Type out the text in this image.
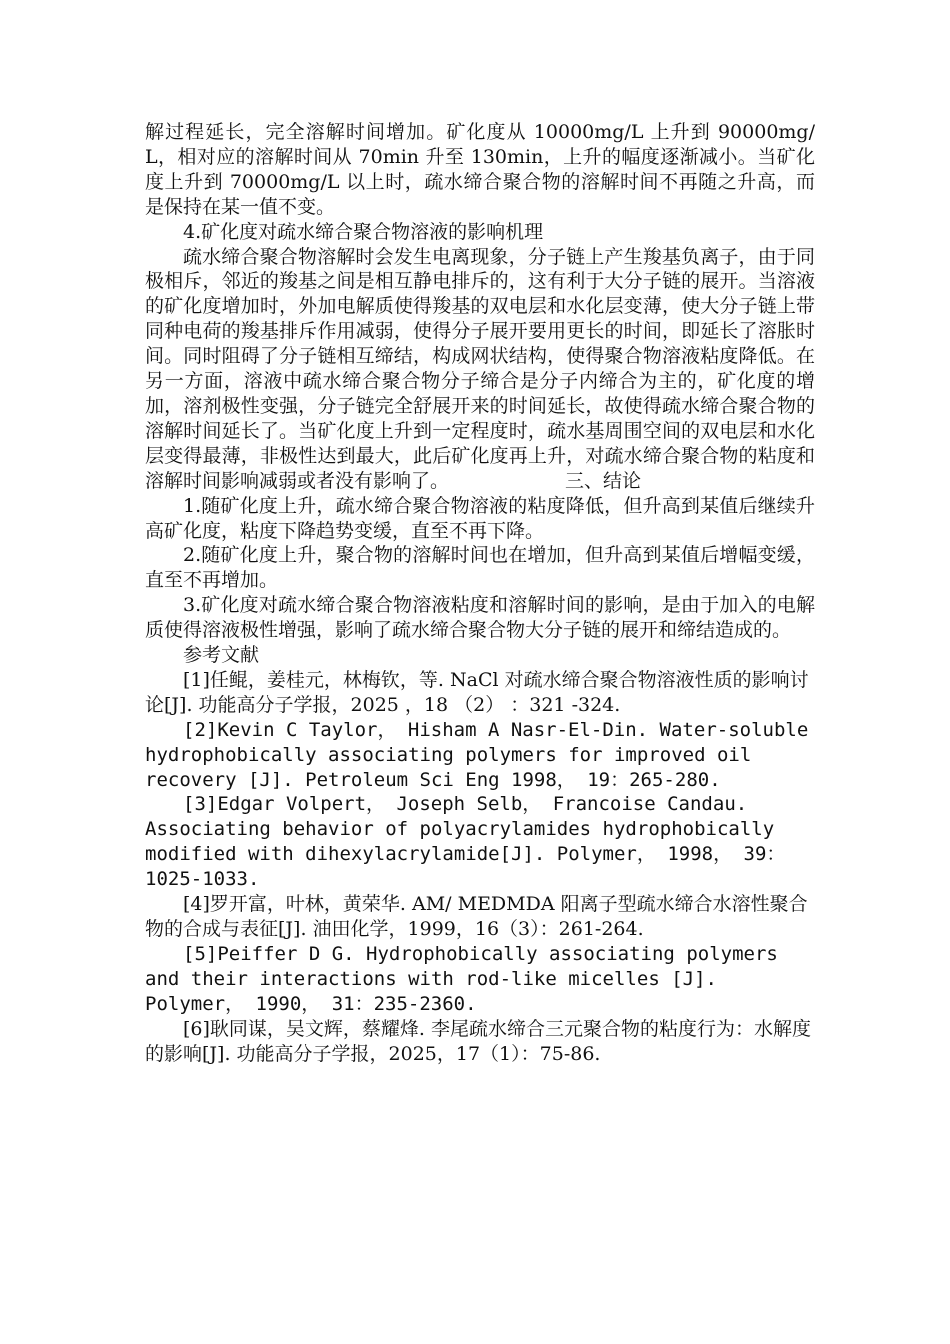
解过程延长，完全溶解时间增加。矿化度从 10000mg/L 上升到 90000mg/L，相对应的溶解时间从 70min 升至 130min，上升的幅度逐渐减小。当矿化度上升到 70000mg/L 以上时，疏水缔合聚合物的溶解时间不再随之升高，而是保持在某一值不变。

4.矿化度对疏水缔合聚合物溶液的影响机理

疏水缔合聚合物溶解时会发生电离现象，分子链上产生羧基负离子，由于同极相斥，邻近的羧基之间是相互静电排斥的，这有利于大分子链的展开。当溶液的矿化度增加时，外加电解质使得羧基的双电层和水化层变薄，使大分子链上带同种电荷的羧基排斥作用减弱，使得分子展开要用更长的时间，即延长了溶胀时间。同时阻碍了分子链相互缔结，构成网状结构，使得聚合物溶液粘度降低。在另一方面，溶液中疏水缔合聚合物分子缔合是分子内缔合为主的，矿化度的增加，溶剂极性变强，分子链完全舒展开来的时间延长，故使得疏水缔合聚合物的溶解时间延长了。当矿化度上升到一定程度时，疏水基周围空间的双电层和水化层变得最薄，非极性达到最大，此后矿化度再上升，对疏水缔合聚合物的粘度和溶解时间影响减弱或者没有影响了。	三、结论

1.随矿化度上升，疏水缔合聚合物溶液的粘度降低，但升高到某值后继续升高矿化度，粘度下降趋势变缓，直至不再下降。

2.随矿化度上升，聚合物的溶解时间也在增加，但升高到某值后增幅变缓，直至不再增加。

3.矿化度对疏水缔合聚合物溶液粘度和溶解时间的影响，是由于加入的电解质使得溶液极性增强，影响了疏水缔合聚合物大分子链的展开和缔结造成的。

参考文献

[1]任鲲，姜桂元，林梅钦，等. NaCl 对疏水缔合聚合物溶液性质的影响讨论[J]. 功能高分子学报，2025 ，18 （2） ：321 -324.

[2]Kevin C Taylor， Hisham A Nasr-El-Din. Water-soluble hydrophobically associating polymers for improved oil recovery [J]. Petroleum Sci Eng 1998， 19：265-280.

[3]Edgar Volpert， Joseph Selb， Francoise Candau. Associating behavior of polyacrylamides hydrophobically modified with dihexylacrylamide[J]. Polymer， 1998， 39：1025-1033.

[4]罗开富，叶林，黄荣华. AM/ MEDMDA 阳离子型疏水缔合水溶性聚合物的合成与表征[J]. 油田化学，1999，16（3）：261-264.

[5]Peiffer D G. Hydrophobically associating polymers and their interactions with rod-like micelles [J]. Polymer， 1990， 31：235-2360.

[6]耿同谋，吴文辉，蔡耀烽. 李尾疏水缔合三元聚合物的粘度行为：水解度的影响[J]. 功能高分子学报，2025，17（1）：75-86.
